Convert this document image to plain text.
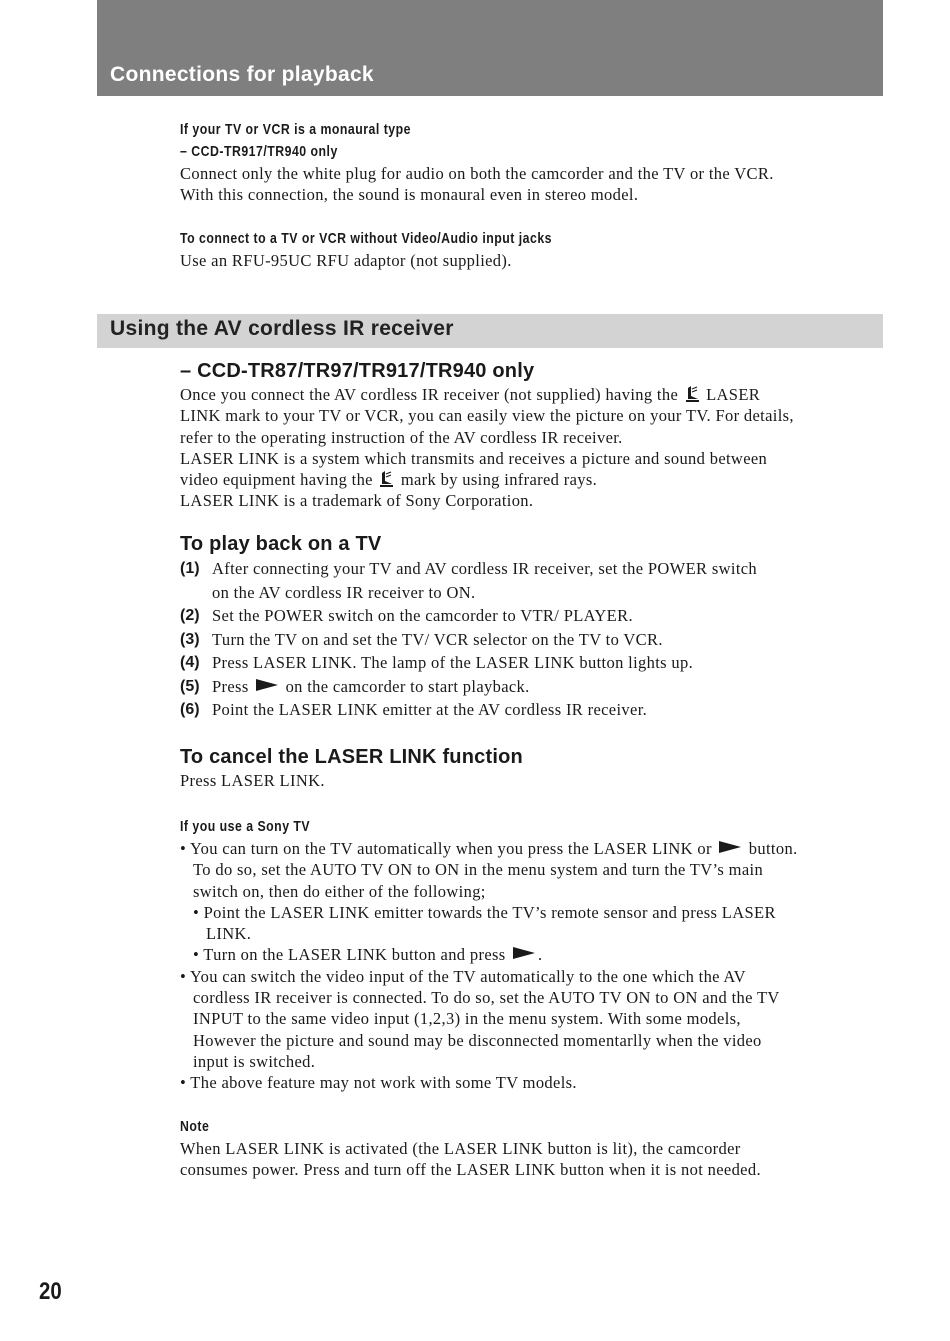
Connections for playback
If your TV or VCR is a monaural type
– CCD-TR917/TR940 only
Connect only the white plug for audio on both the camcorder and the TV or the VCR.
With this connection, the sound is monaural even in stereo model.
To connect to a TV or VCR without Video/Audio input jacks
Use an RFU-95UC RFU adaptor (not supplied).
Using the AV cordless IR receiver
– CCD-TR87/TR97/TR917/TR940 only
Once you connect the AV cordless IR receiver (not supplied) having the LASER
LINK mark to your TV or VCR, you can easily view the picture on your TV. For details,
refer to the operating instruction of the AV cordless IR receiver.
LASER LINK is a system which transmits and receives a picture and sound between
video equipment having the mark by using infrared rays.
LASER LINK is a trademark of Sony Corporation.
To play back on a TV
(1) After connecting your TV and AV cordless IR receiver, set the POWER switch
on the AV cordless IR receiver to ON.
(2) Set the POWER switch on the camcorder to VTR/ PLAYER.
(3) Turn the TV on and set the TV/ VCR selector on the TV to VCR.
(4) Press LASER LINK. The lamp of the LASER LINK button lights up.
(5) Press on the camcorder to start playback.
(6) Point the LASER LINK emitter at the AV cordless IR receiver.
To cancel the LASER LINK function
Press LASER LINK.
If you use a Sony TV
• You can turn on the TV automatically when you press the LASER LINK or button.
To do so, set the AUTO TV ON to ON in the menu system and turn the TV’s main
switch on, then do either of the following;
• Point the LASER LINK emitter towards the TV’s remote sensor and press LASER
LINK.
• Turn on the LASER LINK button and press .
• You can switch the video input of the TV automatically to the one which the AV
cordless IR receiver is connected. To do so, set the AUTO TV ON to ON and the TV
INPUT to the same video input (1,2,3) in the menu system. With some models,
However the picture and sound may be disconnected momentarlly when the video
input is switched.
• The above feature may not work with some TV models.
Note
When LASER LINK is activated (the LASER LINK button is lit), the camcorder
consumes power. Press and turn off the LASER LINK button when it is not needed.
20
